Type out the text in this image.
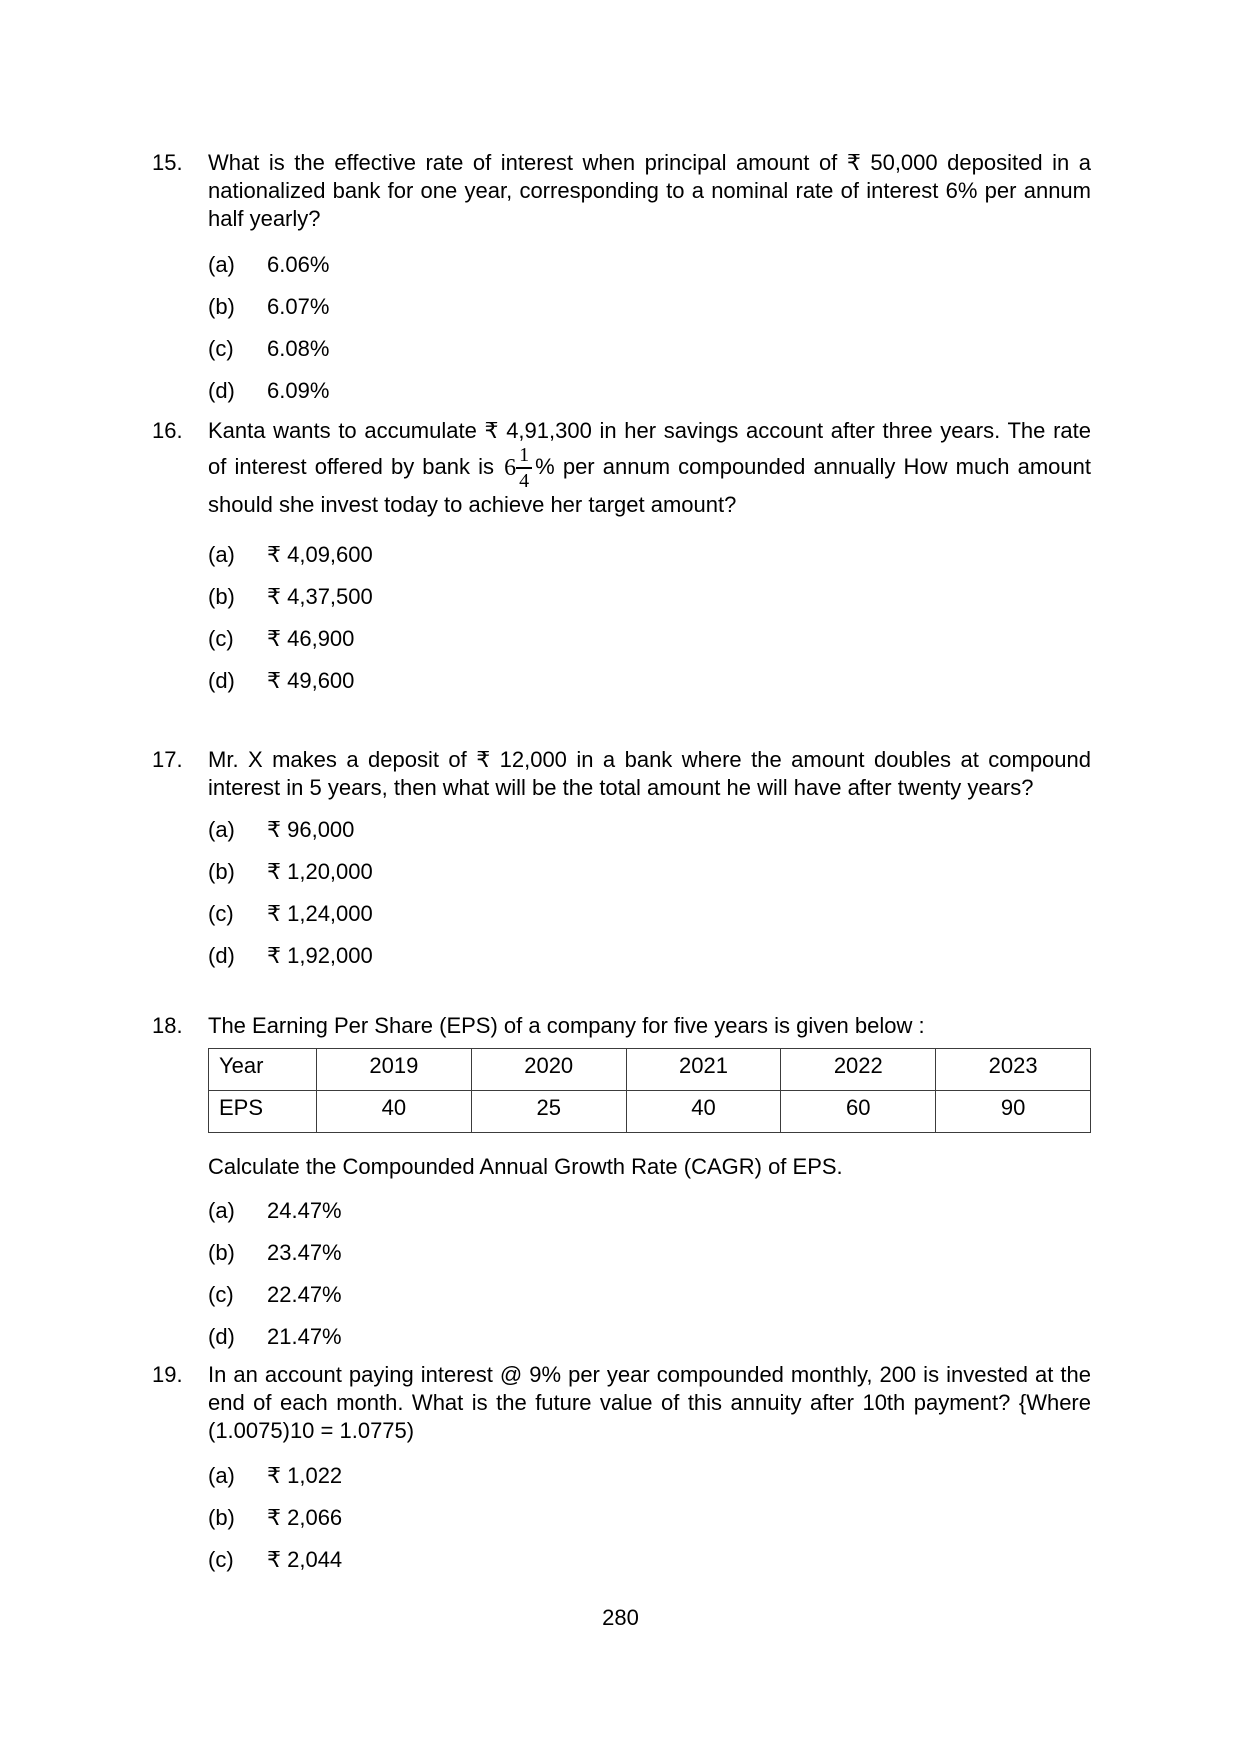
15.	What is the effective rate of interest when principal amount of ₹ 50,000 deposited in a nationalized bank for one year, corresponding to a nominal rate of interest 6% per annum half yearly?
(a)	6.06%
(b)	6.07%
(c)	6.08%
(d)	6.09%
16.	Kanta wants to accumulate ₹ 4,91,300 in her savings account after three years. The rate of interest offered by bank is $6 \frac{1}{4}$ % per annum compounded annually How much amount should she invest today to achieve her target amount?
(a)	₹ 4,09,600
(b)	₹ 4,37,500
(c)	₹ 46,900
(d)	₹ 49,600
17.	Mr. X makes a deposit of ₹ 12,000 in a bank where the amount doubles at compound interest in 5 years, then what will be the total amount he will have after twenty years?
(a)	₹ 96,000
(b)	₹ 1,20,000
(c)	₹ 1,24,000
(d)	₹ 1,92,000
18.	The Earning Per Share (EPS) of a company for five years is given below :
Year	2019	2020	2021	2022	2023
EPS	40	25	40	60	90
Calculate the Compounded Annual Growth Rate (CAGR) of EPS.
(a)	24.47%
(b)	23.47%
(c)	22.47%
(d)	21.47%
19.	In an account paying interest @ 9% per year compounded monthly, 200 is invested at the end of each month. What is the future value of this annuity after 10th payment? {Where (1.0075)10 = 1.0775)
(a)	₹ 1,022
(b)	₹ 2,066
(c)	₹ 2,044
280
